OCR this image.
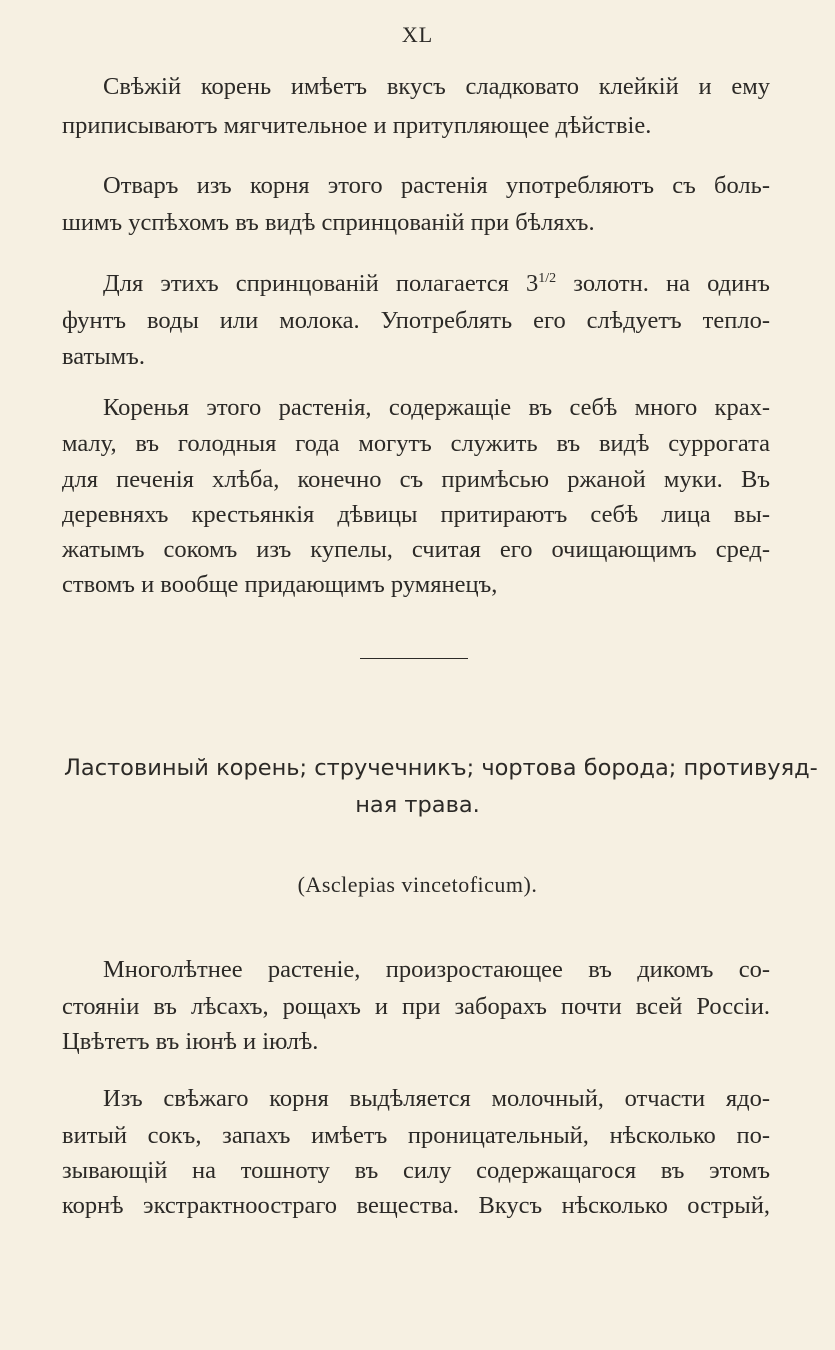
XL
Свѣжій корень имѣетъ вкусъ сладковато клейкій и ему
приписываютъ мягчительное и притупляющее дѣйствіе.
Отваръ изъ корня этого растенія употребляютъ съ боль-
шимъ успѣхомъ въ видѣ спринцованій при бѣляхъ.
Для этихъ спринцованій полагается $3^{1/2}$ золотн. на одинъ
фунтъ воды или молока. Употреблять его слѣдуетъ тепло-
ватымъ.
Коренья этого растенія, содержащіе въ себѣ много крах-
малу, въ голодныя года могутъ служить въ видѣ суррогата
для печенія хлѣба, конечно съ примѣсью ржаной муки. Въ
деревняхъ крестьянкія дѣвицы притираютъ себѣ лица вы-
жатымъ сокомъ изъ купелы, считая его очищающимъ сред-
ствомъ и вообще придающимъ румянецъ,
Ластовиный корень; стручечникъ; чортова борода; противуяд-
ная трава.
(Asclepias vincetoficum).
Многолѣтнее растеніе, произростающее въ дикомъ со-
стояніи въ лѣсахъ, рощахъ и при заборахъ почти всей Россіи.
Цвѣтетъ въ іюнѣ и іюлѣ.
Изъ свѣжаго корня выдѣляется молочный, отчасти ядо-
витый сокъ, запахъ имѣетъ проницательный, нѣсколько по-
зывающій на тошноту въ силу содержащагося въ этомъ
корнѣ экстрактноостраго вещества. Вкусъ нѣсколько острый,
